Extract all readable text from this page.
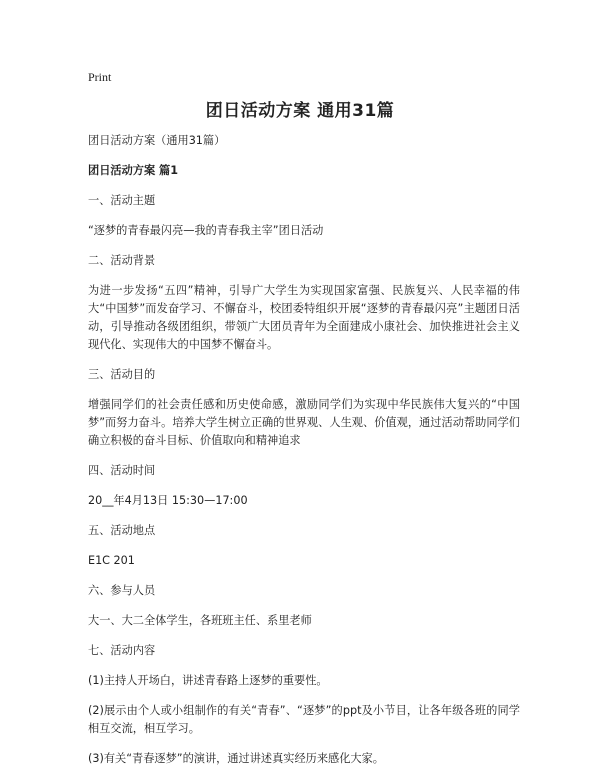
Print
团日活动方案 通用31篇

团日活动方案（通用31篇）

团日活动方案 篇1

一、活动主题

“逐梦的青春最闪亮—我的青春我主宰”团日活动

二、活动背景

为进一步发扬“五四”精神，引导广大学生为实现国家富强、民族复兴、人民幸福的伟大“中国梦”而发奋学习、不懈奋斗，校团委特组织开展“逐梦的青春最闪亮”主题团日活动，引导推动各级团组织，带领广大团员青年为全面建成小康社会、加快推进社会主义现代化、实现伟大的中国梦不懈奋斗。

三、活动目的

增强同学们的社会责任感和历史使命感，激励同学们为实现中华民族伟大复兴的“中国梦”而努力奋斗。培养大学生树立正确的世界观、人生观、价值观，通过活动帮助同学们确立积极的奋斗目标、价值取向和精神追求

四、活动时间

20__年4月13日 15:30—17:00

五、活动地点

E1C 201

六、参与人员

大一、大二全体学生，各班班主任、系里老师

七、活动内容

(1)主持人开场白，讲述青春路上逐梦的重要性。

(2)展示由个人或小组制作的有关“青春”、“逐梦”的ppt及小节目，让各年级各班的同学相互交流，相互学习。

(3)有关“青春逐梦”的演讲，通过讲述真实经历来感化大家。
